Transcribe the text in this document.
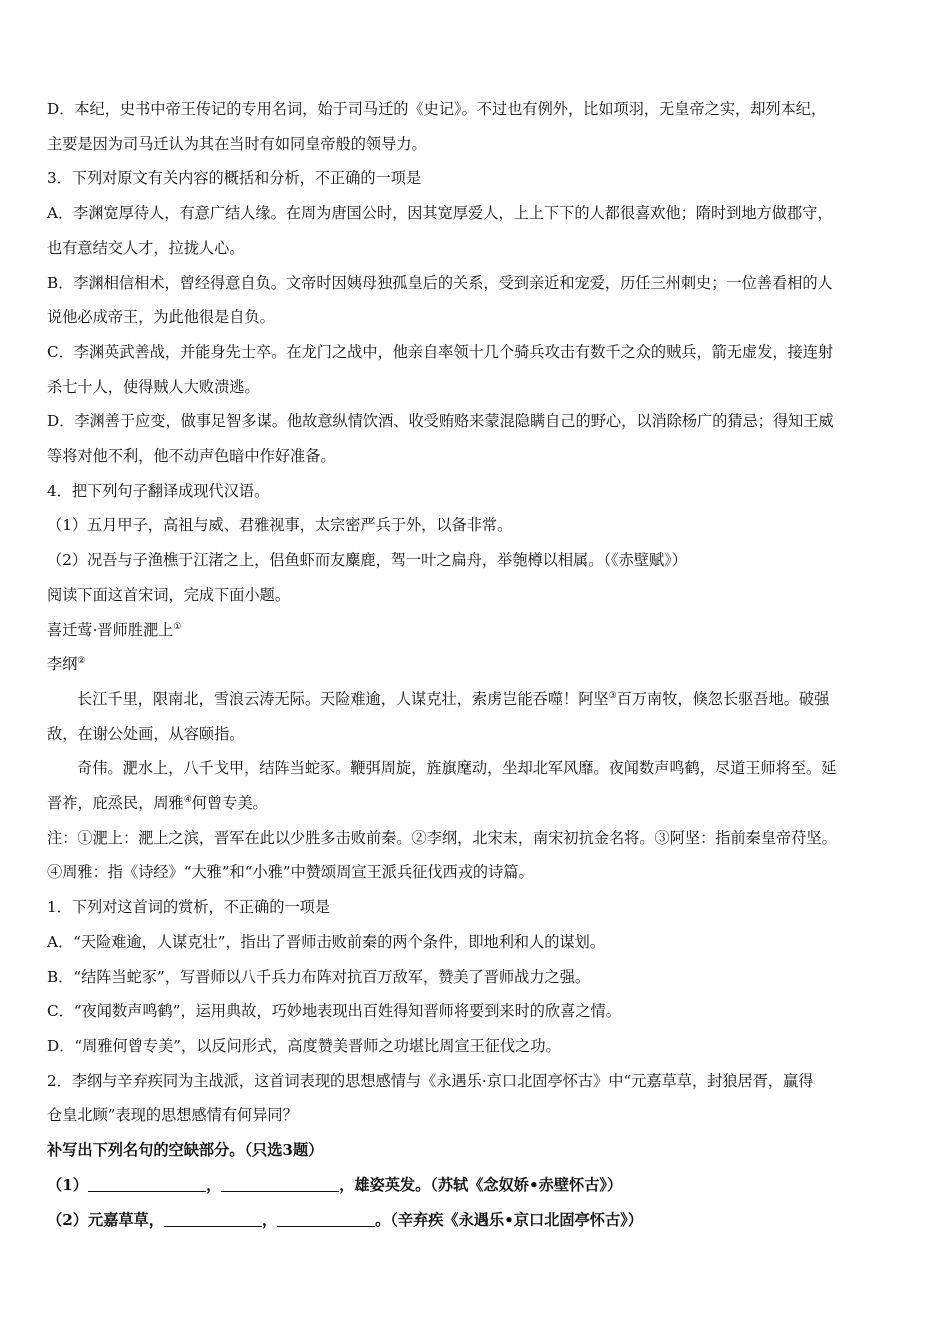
D．本纪，史书中帝王传记的专用名词，始于司马迁的《史记》。不过也有例外，比如项羽，无皇帝之实，却列本纪，

主要是因为司马迁认为其在当时有如同皇帝般的领导力。

3．下列对原文有关内容的概括和分析，不正确的一项是

A．李渊宽厚待人，有意广结人缘。在周为唐国公时，因其宽厚爱人，上上下下的人都很喜欢他；隋时到地方做郡守，

也有意结交人才，拉拢人心。

B．李渊相信相术，曾经得意自负。文帝时因姨母独孤皇后的关系，受到亲近和宠爱，历任三州刺史；一位善看相的人

说他必成帝王，为此他很是自负。

C．李渊英武善战，并能身先士卒。在龙门之战中，他亲自率领十几个骑兵攻击有数千之众的贼兵，箭无虚发，接连射

杀七十人，使得贼人大败溃逃。

D．李渊善于应变，做事足智多谋。他故意纵情饮酒、收受贿赂来蒙混隐瞒自己的野心，以消除杨广的猜忌；得知王威

等将对他不利，他不动声色暗中作好准备。

4．把下列句子翻译成现代汉语。

（1）五月甲子，高祖与威、君雅视事，太宗密严兵于外，以备非常。

（2）况吾与子渔樵于江渚之上，侣鱼虾而友麋鹿，驾一叶之扁舟，举匏樽以相属。（《赤壁赋》）

阅读下面这首宋词，完成下面小题。

喜迁莺·晋师胜淝上①

李纲②

长江千里，限南北，雪浪云涛无际。天险难逾，人谋克壮，索虏岂能吞噬！阿坚③百万南牧，倏忽长驱吾地。破强

敌，在谢公处画，从容颐指。

奇伟。淝水上，八千戈甲，结阵当蛇豕。鞭弭周旋，旌旗麾动，坐却北军风靡。夜闻数声鸣鹤，尽道王师将至。延

晋祚，庇烝民，周雅④何曾专美。

注：①淝上：淝上之滨，晋军在此以少胜多击败前秦。②李纲，北宋末，南宋初抗金名将。③阿坚：指前秦皇帝苻坚。

④周雅：指《诗经》“大雅”和“小雅”中赞颂周宣王派兵征伐西戎的诗篇。

1．下列对这首词的赏析，不正确的一项是

A．“天险难逾，人谋克壮”，指出了晋师击败前秦的两个条件，即地利和人的谋划。

B．“结阵当蛇豕”，写晋师以八千兵力布阵对抗百万敌军，赞美了晋师战力之强。

C．“夜闻数声鸣鹤”，运用典故，巧妙地表现出百姓得知晋师将要到来时的欣喜之情。

D．“周雅何曾专美”，以反问形式，高度赞美晋师之功堪比周宣王征伐之功。

2．李纲与辛弃疾同为主战派，这首词表现的思想感情与《永遇乐·京口北固亭怀古》中“元嘉草草，封狼居胥，赢得

仓皇北顾”表现的思想感情有何异同？

补写出下列名句的空缺部分。（只选3题）

（1）	，	，雄姿英发。（苏轼《念奴娇•赤壁怀古》）

（2）元嘉草草，	，	。（辛弃疾《永遇乐•京口北固亭怀古》）
